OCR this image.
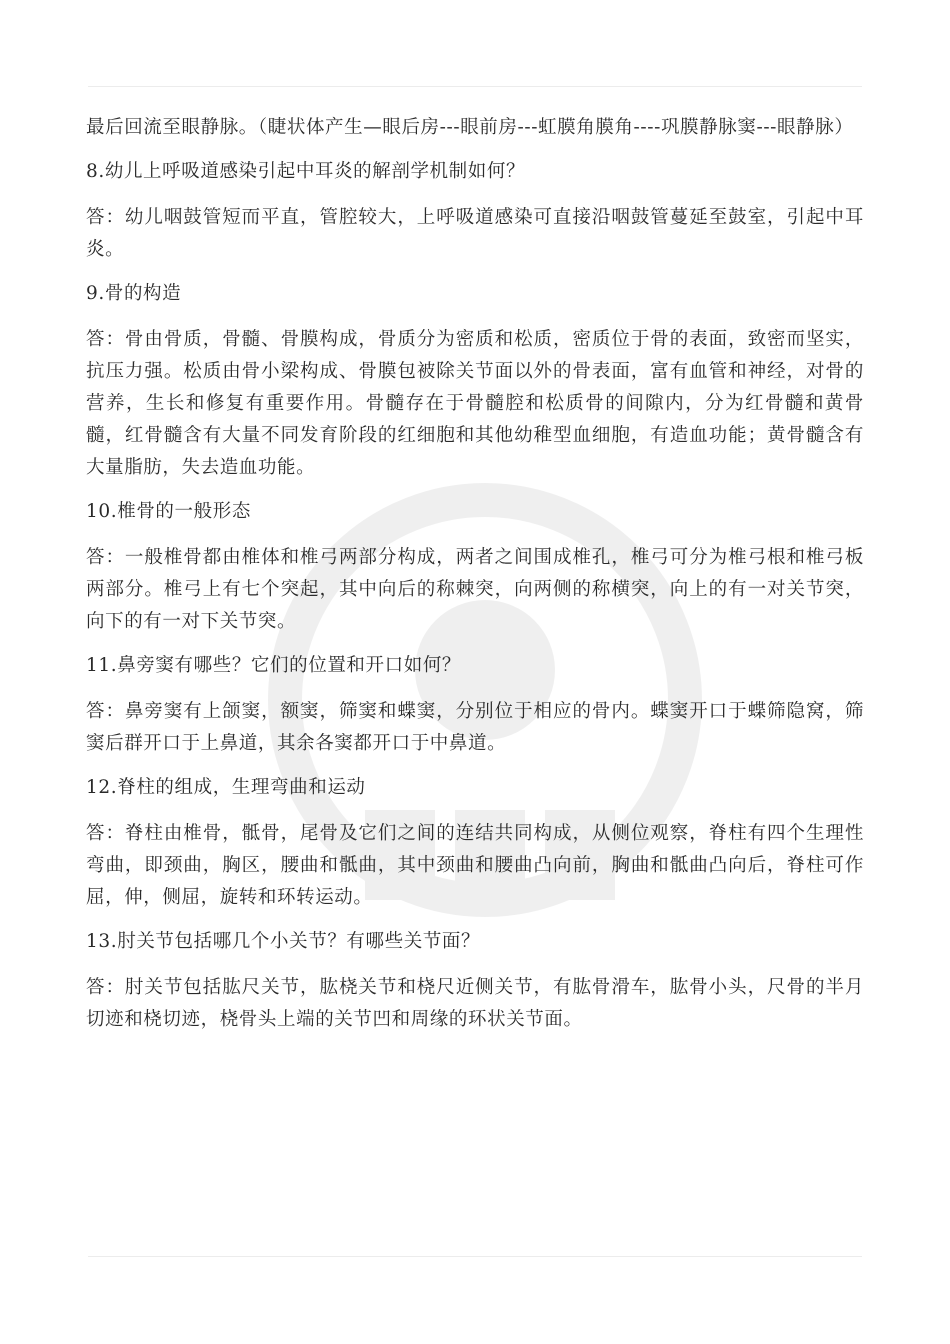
最后回流至眼静脉。（睫状体产生—眼后房---眼前房---虹膜角膜角----巩膜静脉窦---眼静脉）

8.幼儿上呼吸道感染引起中耳炎的解剖学机制如何？

答：幼儿咽鼓管短而平直，管腔较大，上呼吸道感染可直接沿咽鼓管蔓延至鼓室，引起中耳炎。

9.骨的构造

答：骨由骨质，骨髓、骨膜构成，骨质分为密质和松质，密质位于骨的表面，致密而坚实，抗压力强。松质由骨小梁构成、骨膜包被除关节面以外的骨表面，富有血管和神经，对骨的营养，生长和修复有重要作用。骨髓存在于骨髓腔和松质骨的间隙内，分为红骨髓和黄骨髓，红骨髓含有大量不同发育阶段的红细胞和其他幼稚型血细胞，有造血功能；黄骨髓含有大量脂肪，失去造血功能。

10.椎骨的一般形态

答：一般椎骨都由椎体和椎弓两部分构成，两者之间围成椎孔，椎弓可分为椎弓根和椎弓板两部分。椎弓上有七个突起，其中向后的称棘突，向两侧的称横突，向上的有一对关节突，向下的有一对下关节突。

11.鼻旁窦有哪些？它们的位置和开口如何？

答：鼻旁窦有上颌窦，额窦，筛窦和蝶窦，分别位于相应的骨内。蝶窦开口于蝶筛隐窝，筛窦后群开口于上鼻道，其余各窦都开口于中鼻道。

12.脊柱的组成，生理弯曲和运动

答：脊柱由椎骨，骶骨，尾骨及它们之间的连结共同构成，从侧位观察，脊柱有四个生理性弯曲，即颈曲，胸区，腰曲和骶曲，其中颈曲和腰曲凸向前，胸曲和骶曲凸向后，脊柱可作屈，伸，侧屈，旋转和环转运动。

13.肘关节包括哪几个小关节？有哪些关节面？

答：肘关节包括肱尺关节，肱桡关节和桡尺近侧关节，有肱骨滑车，肱骨小头，尺骨的半月切迹和桡切迹，桡骨头上端的关节凹和周缘的环状关节面。
